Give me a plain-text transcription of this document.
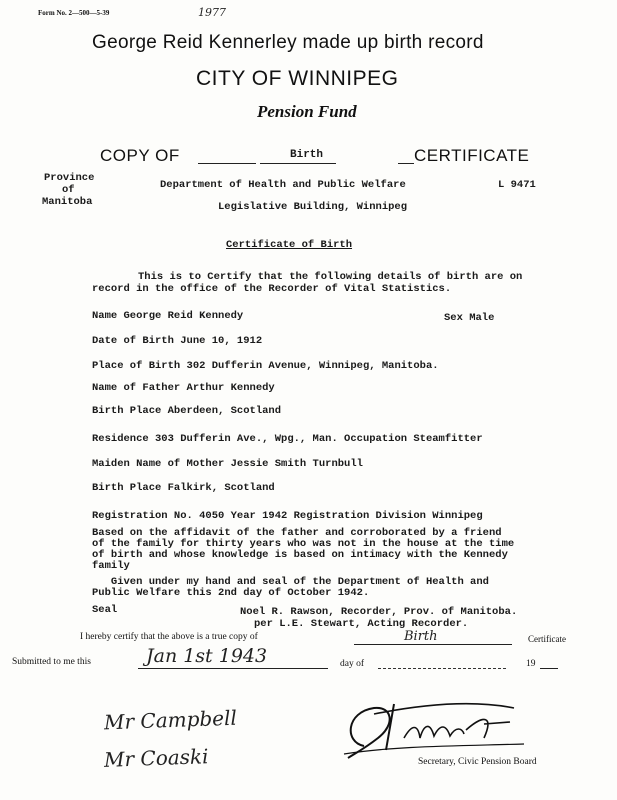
Form No. 2—500—5-39	1977
George Reid Kennerley made up birth record
CITY OF WINNIPEG
Pension Fund
COPY OF	Birth	CERTIFICATE
Province
of
Manitoba
Department of Health and Public Welfare	L 9471
Legislative Building, Winnipeg
Certificate of Birth
This is to Certify that the following details of birth are on
record in the office of the Recorder of Vital Statistics.
Name George Reid Kennedy	Sex Male
Date of Birth June 10, 1912
Place of Birth 302 Dufferin Avenue, Winnipeg, Manitoba.
Name of Father Arthur Kennedy
Birth Place Aberdeen, Scotland
Residence 303 Dufferin Ave., Wpg., Man. Occupation Steamfitter
Maiden Name of Mother Jessie Smith Turnbull
Birth Place Falkirk, Scotland
Registration No. 4050 Year 1942 Registration Division Winnipeg
Based on the affidavit of the father and corroborated by a friend
of the family for thirty years who was not in the house at the time
of birth and whose knowledge is based on intimacy with the Kennedy
family
Given under my hand and seal of the Department of Health and
Public Welfare this 2nd day of October 1942.
Seal	Noel R. Rawson, Recorder, Prov. of Manitoba.
per L.E. Stewart, Acting Recorder.
I hereby certify that the above is a true copy of	Birth	Certificate
Submitted to me this	Jan 1st 1943	day of	19
Mr Campbell
Mr Coaski	Secretary, Civic Pension Board
